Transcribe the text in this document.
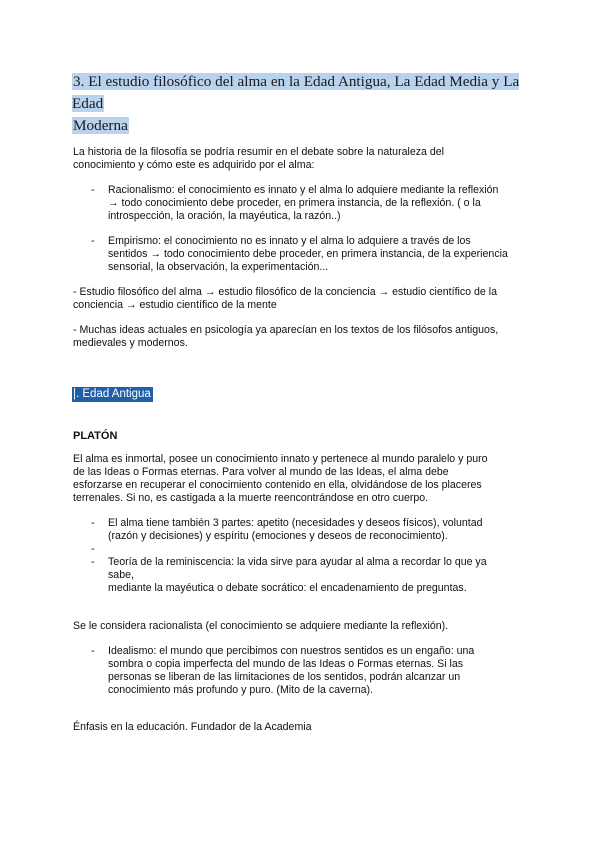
3. El estudio filosófico del alma en la Edad Antigua, La Edad Media y La Edad
Moderna
La historia de la filosofía se podría resumir en el debate sobre la naturaleza del
conocimiento y cómo este es adquirido por el alma:
- Racionalismo: el conocimiento es innato y el alma lo adquiere mediante la reflexión
→ todo conocimiento debe proceder, en primera instancia, de la reflexión. ( o la
introspección, la oración, la mayéutica, la razón..)
- Empirismo: el conocimiento no es innato y el alma lo adquiere a través de los
sentidos → todo conocimiento debe proceder, en primera instancia, de la experiencia
sensorial, la observación, la experimentación...
- Estudio filosófico del alma → estudio filosófico de la conciencia → estudio científico de la
conciencia → estudio científico de la mente
- Muchas ideas actuales en psicología ya aparecían en los textos de los filósofos antiguos,
medievales y modernos.
|. Edad Antigua
PLATÓN
El alma es inmortal, posee un conocimiento innato y pertenece al mundo paralelo y puro
de las Ideas o Formas eternas. Para volver al mundo de las Ideas, el alma debe
esforzarse en recuperar el conocimiento contenido en ella, olvidándose de los placeres
terrenales. Si no, es castigada a la muerte reencontrándose en otro cuerpo.
- El alma tiene también 3 partes: apetito (necesidades y deseos físicos), voluntad
(razón y decisiones) y espíritu (emociones y deseos de reconocimiento).
-
- Teoría de la reminiscencia: la vida sirve para ayudar al alma a recordar lo que ya
sabe,
mediante la mayéutica o debate socrático: el encadenamiento de preguntas.
Se le considera racionalista (el conocimiento se adquiere mediante la reflexión).
- Idealismo: el mundo que percibimos con nuestros sentidos es un engaño: una
sombra o copia imperfecta del mundo de las Ideas o Formas eternas. Si las
personas se liberan de las limitaciones de los sentidos, podrán alcanzar un
conocimiento más profundo y puro. (Mito de la caverna).
Énfasis en la educación. Fundador de la Academia
